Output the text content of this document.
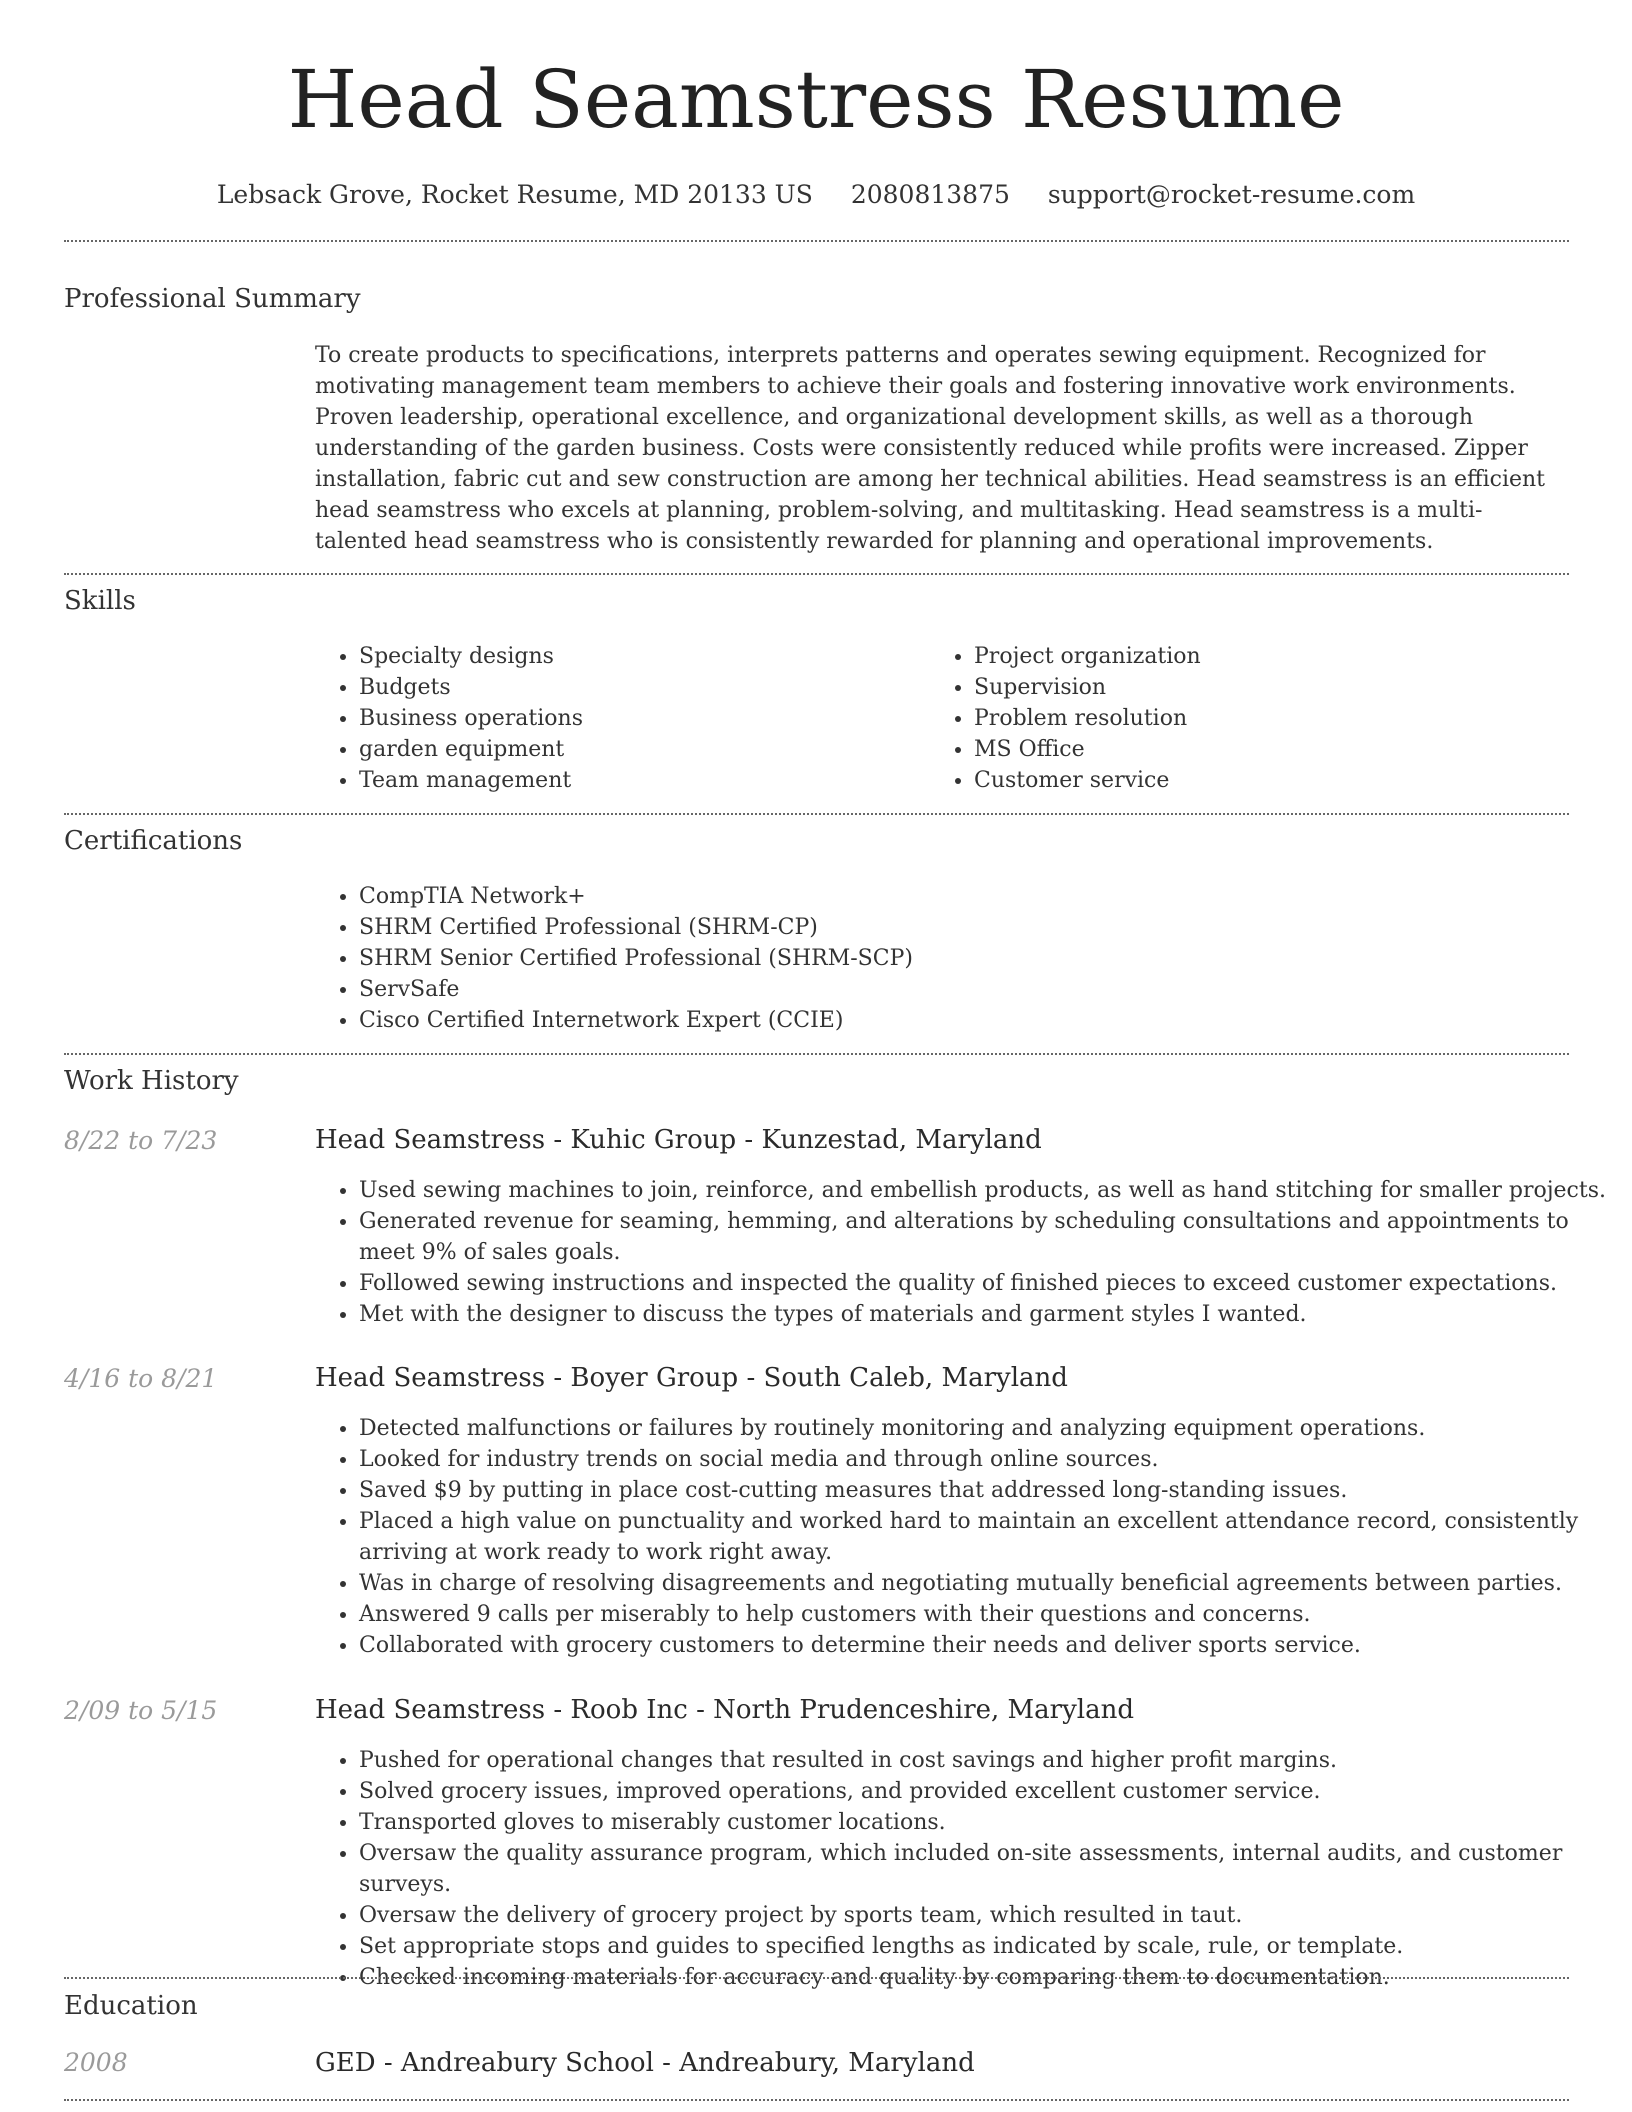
Head Seamstress Resume
Lebsack Grove, Rocket Resume, MD 20133 US 2080813875 support@rocket-resume.com
Professional Summary

To create products to specifications, interprets patterns and operates sewing equipment. Recognized for motivating management team members to achieve their goals and fostering innovative work environments. Proven leadership, operational excellence, and organizational development skills, as well as a thorough understanding of the garden business. Costs were consistently reduced while profits were increased. Zipper installation, fabric cut and sew construction are among her technical abilities. Head seamstress is an efficient head seamstress who excels at planning, problem-solving, and multitasking. Head seamstress is a multi-talented head seamstress who is consistently rewarded for planning and operational improvements.

Skills
• Specialty designs
• Budgets
• Business operations
• garden equipment
• Team management
• Project organization
• Supervision
• Problem resolution
• MS Office
• Customer service
Certifications
• CompTIA Network+
• SHRM Certified Professional (SHRM-CP)
• SHRM Senior Certified Professional (SHRM-SCP)
• ServSafe
• Cisco Certified Internetwork Expert (CCIE)
Work History
8/22 to 7/23	Head Seamstress - Kuhic Group - Kunzestad, Maryland
• Used sewing machines to join, reinforce, and embellish products, as well as hand stitching for smaller projects.
• Generated revenue for seaming, hemming, and alterations by scheduling consultations and appointments to meet 9% of sales goals.
• Followed sewing instructions and inspected the quality of finished pieces to exceed customer expectations.
• Met with the designer to discuss the types of materials and garment styles I wanted.
4/16 to 8/21	Head Seamstress - Boyer Group - South Caleb, Maryland
• Detected malfunctions or failures by routinely monitoring and analyzing equipment operations.
• Looked for industry trends on social media and through online sources.
• Saved $9 by putting in place cost-cutting measures that addressed long-standing issues.
• Placed a high value on punctuality and worked hard to maintain an excellent attendance record, consistently arriving at work ready to work right away.
• Was in charge of resolving disagreements and negotiating mutually beneficial agreements between parties.
• Answered 9 calls per miserably to help customers with their questions and concerns.
• Collaborated with grocery customers to determine their needs and deliver sports service.
2/09 to 5/15	Head Seamstress - Roob Inc - North Prudenceshire, Maryland
• Pushed for operational changes that resulted in cost savings and higher profit margins.
• Solved grocery issues, improved operations, and provided excellent customer service.
• Transported gloves to miserably customer locations.
• Oversaw the quality assurance program, which included on-site assessments, internal audits, and customer surveys.
• Oversaw the delivery of grocery project by sports team, which resulted in taut.
• Set appropriate stops and guides to specified lengths as indicated by scale, rule, or template.
• Checked incoming materials for accuracy and quality by comparing them to documentation.
Education
2008	GED - Andreabury School - Andreabury, Maryland
